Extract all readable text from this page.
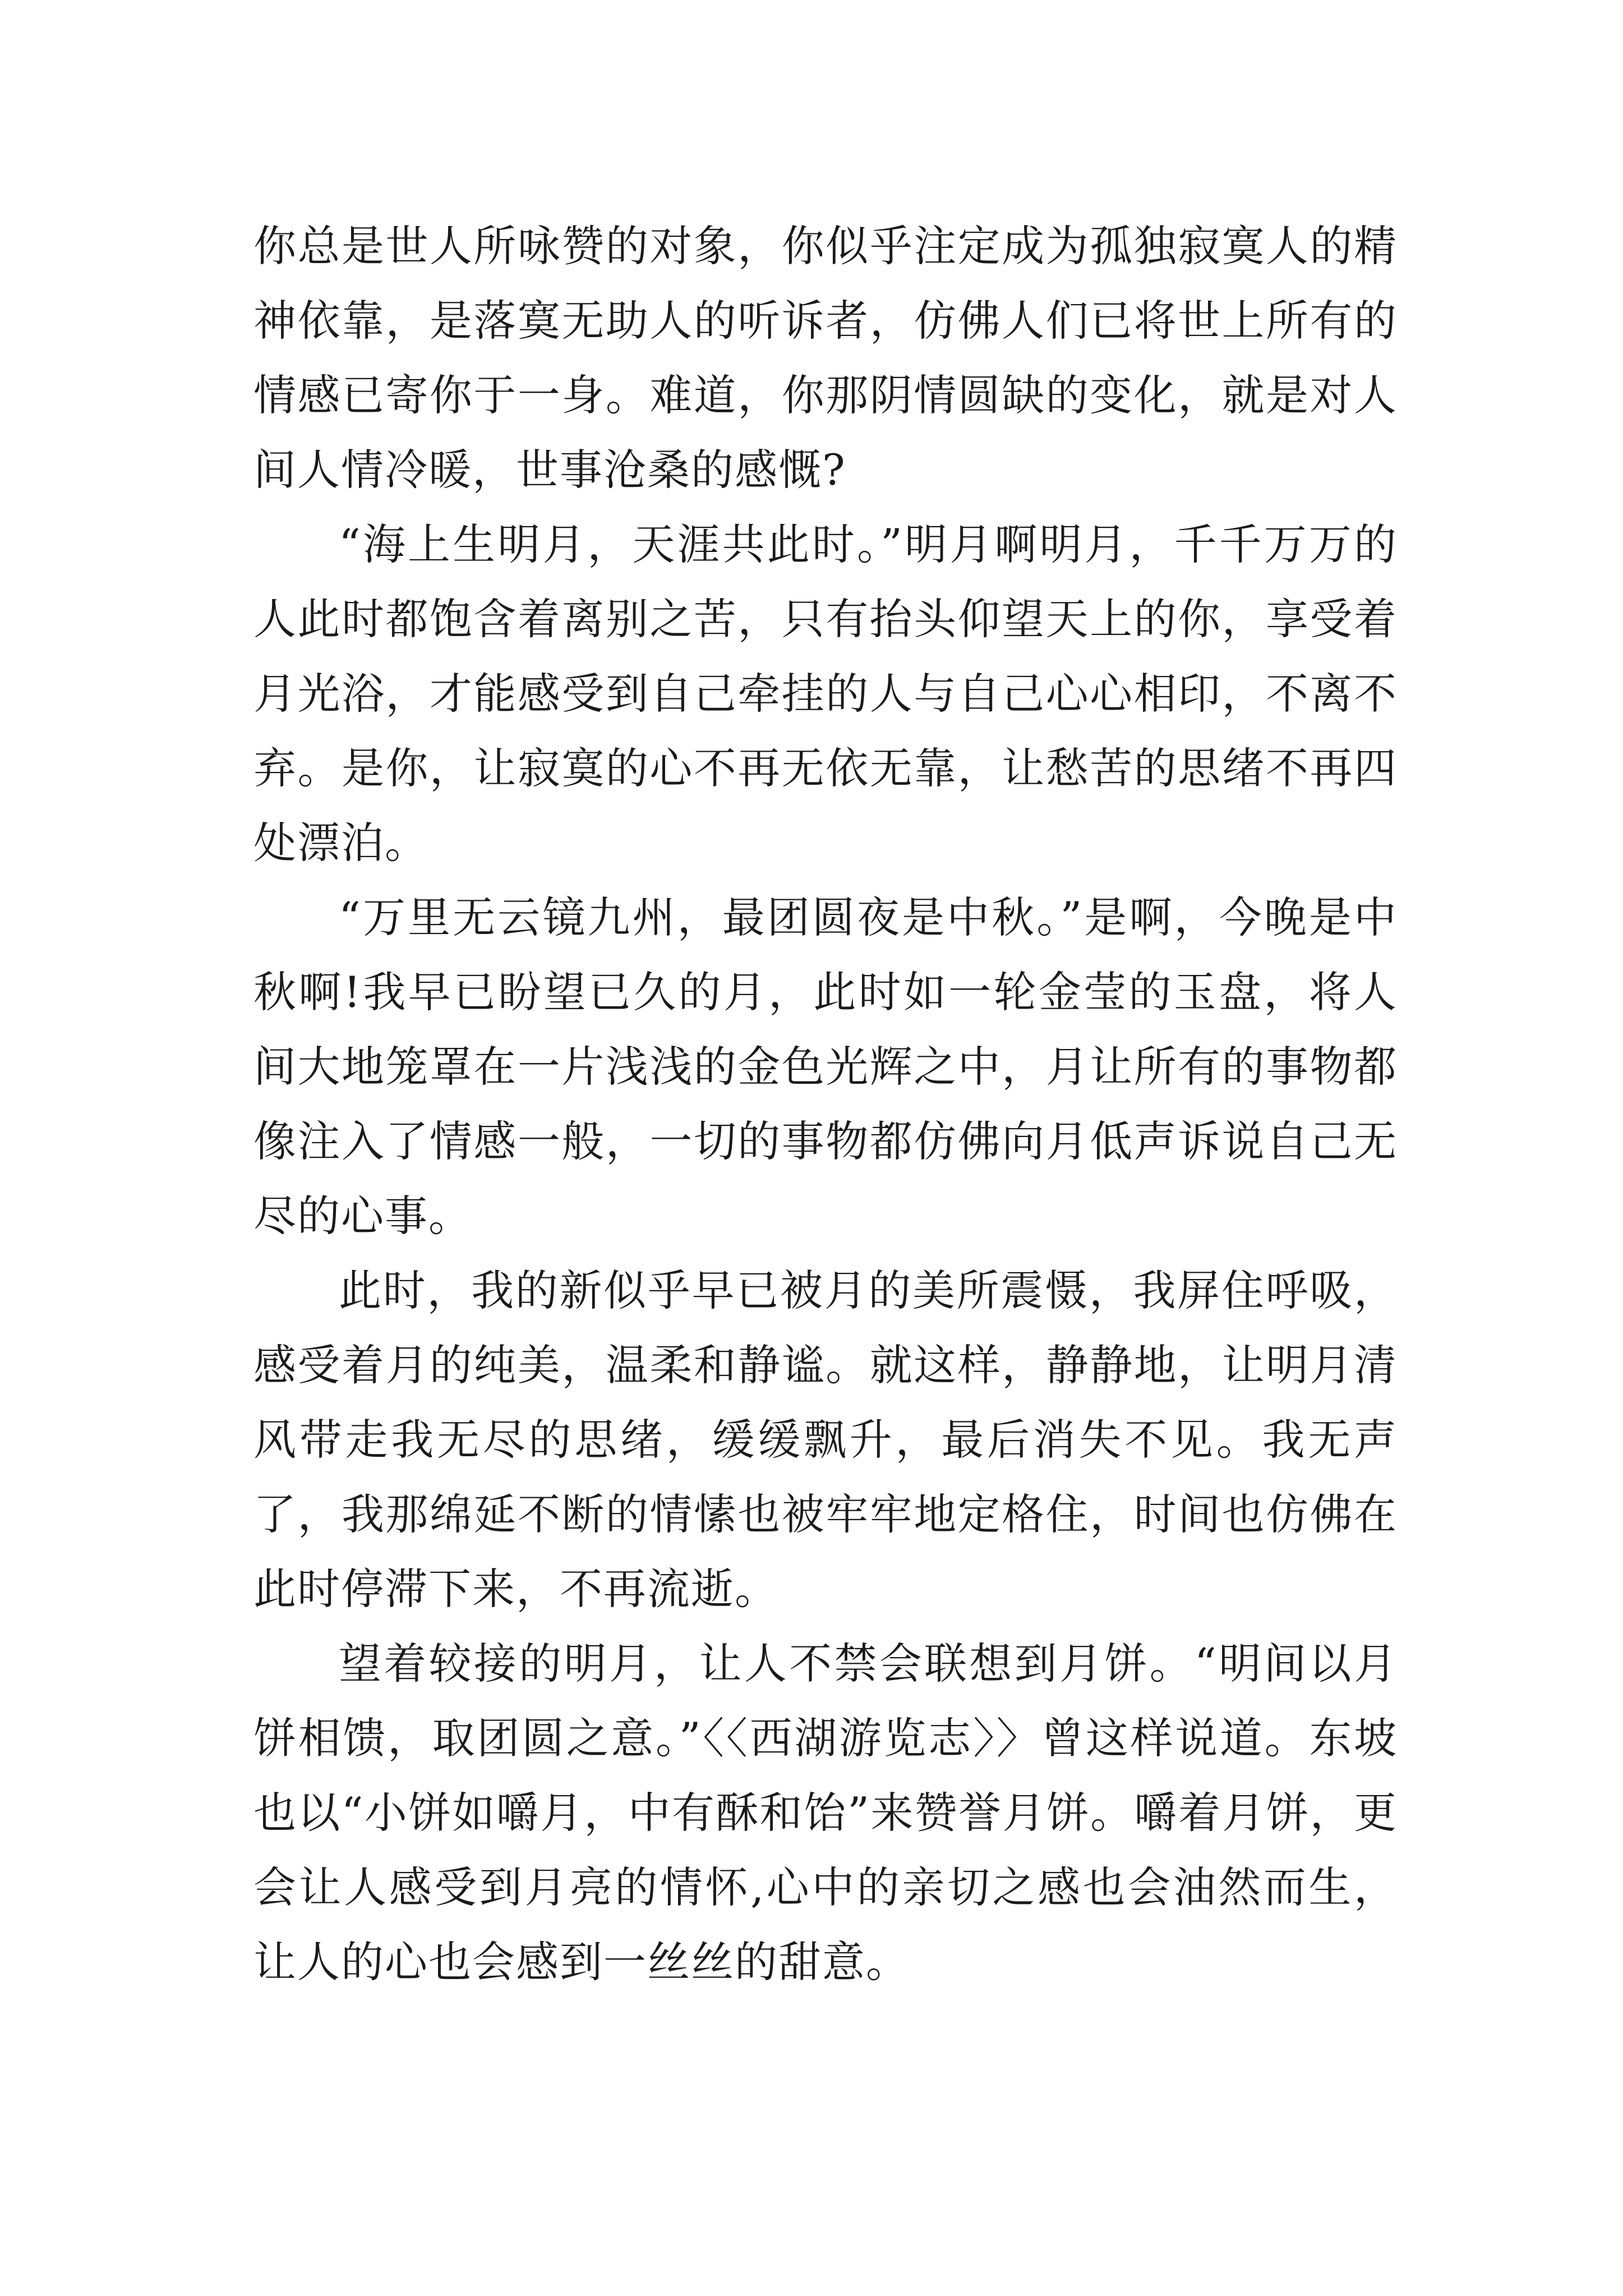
你总是世人所咏赞的对象，你似乎注定成为孤独寂寞人的精神依靠，是落寞无助人的听诉者，仿佛人们已将世上所有的情感已寄你于一身。难道，你那阴情圆缺的变化，就是对人间人情冷暖，世事沧桑的感慨?

“海上生明月，天涯共此时。”明月啊明月，千千万万的人此时都饱含着离别之苦，只有抬头仰望天上的你，享受着月光浴，才能感受到自己牵挂的人与自己心心相印，不离不弃。是你，让寂寞的心不再无依无靠，让愁苦的思绪不再四处漂泊。

“万里无云镜九州，最团圆夜是中秋。”是啊，今晚是中秋啊!我早已盼望已久的月，此时如一轮金莹的玉盘，将人间大地笼罩在一片浅浅的金色光辉之中，月让所有的事物都像注入了情感一般，一切的事物都仿佛向月低声诉说自己无尽的心事。

此时，我的新似乎早已被月的美所震慑，我屏住呼吸，感受着月的纯美，温柔和静谧。就这样，静静地，让明月清风带走我无尽的思绪，缓缓飘升，最后消失不见。我无声了，我那绵延不断的情愫也被牢牢地定格住，时间也仿佛在此时停滞下来，不再流逝。

望着较接的明月，让人不禁会联想到月饼。“明间以月饼相馈，取团圆之意。”〈〈西湖游览志〉〉曾这样说道。东坡也以“小饼如嚼月，中有酥和饴”来赞誉月饼。嚼着月饼，更会让人感受到月亮的情怀,心中的亲切之感也会油然而生，让人的心也会感到一丝丝的甜意。
